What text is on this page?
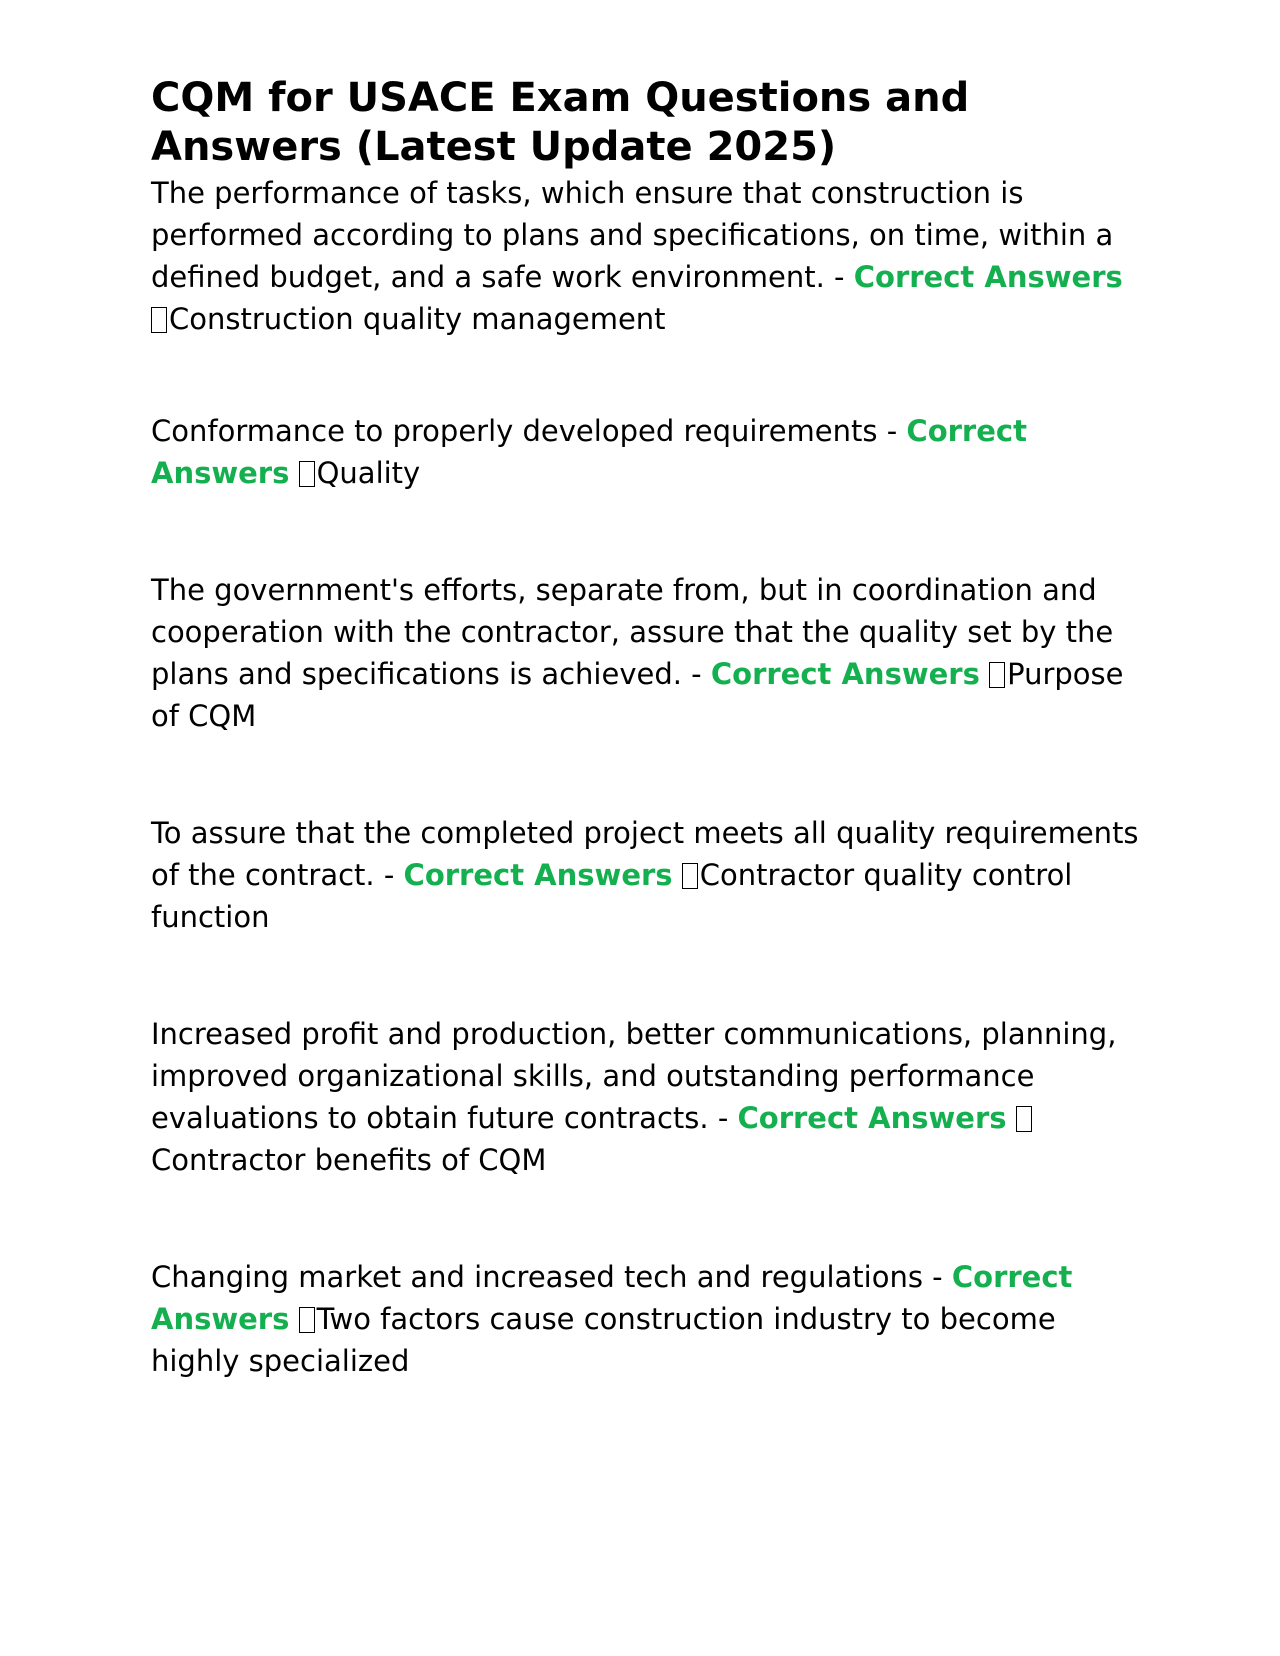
CQM for USACE Exam Questions and Answers (Latest Update 2025)

The performance of tasks, which ensure that construction is performed according to plans and specifications, on time, within a defined budget, and a safe work environment. - Correct Answers Construction quality management

Conformance to properly developed requirements - Correct Answers Quality

The government's efforts, separate from, but in coordination and cooperation with the contractor, assure that the quality set by the plans and specifications is achieved. - Correct Answers Purpose of CQM

To assure that the completed project meets all quality requirements of the contract. - Correct Answers Contractor quality control function

Increased profit and production, better communications, planning, improved organizational skills, and outstanding performance evaluations to obtain future contracts. - Correct Answers Contractor benefits of CQM

Changing market and increased tech and regulations - Correct Answers Two factors cause construction industry to become highly specialized
